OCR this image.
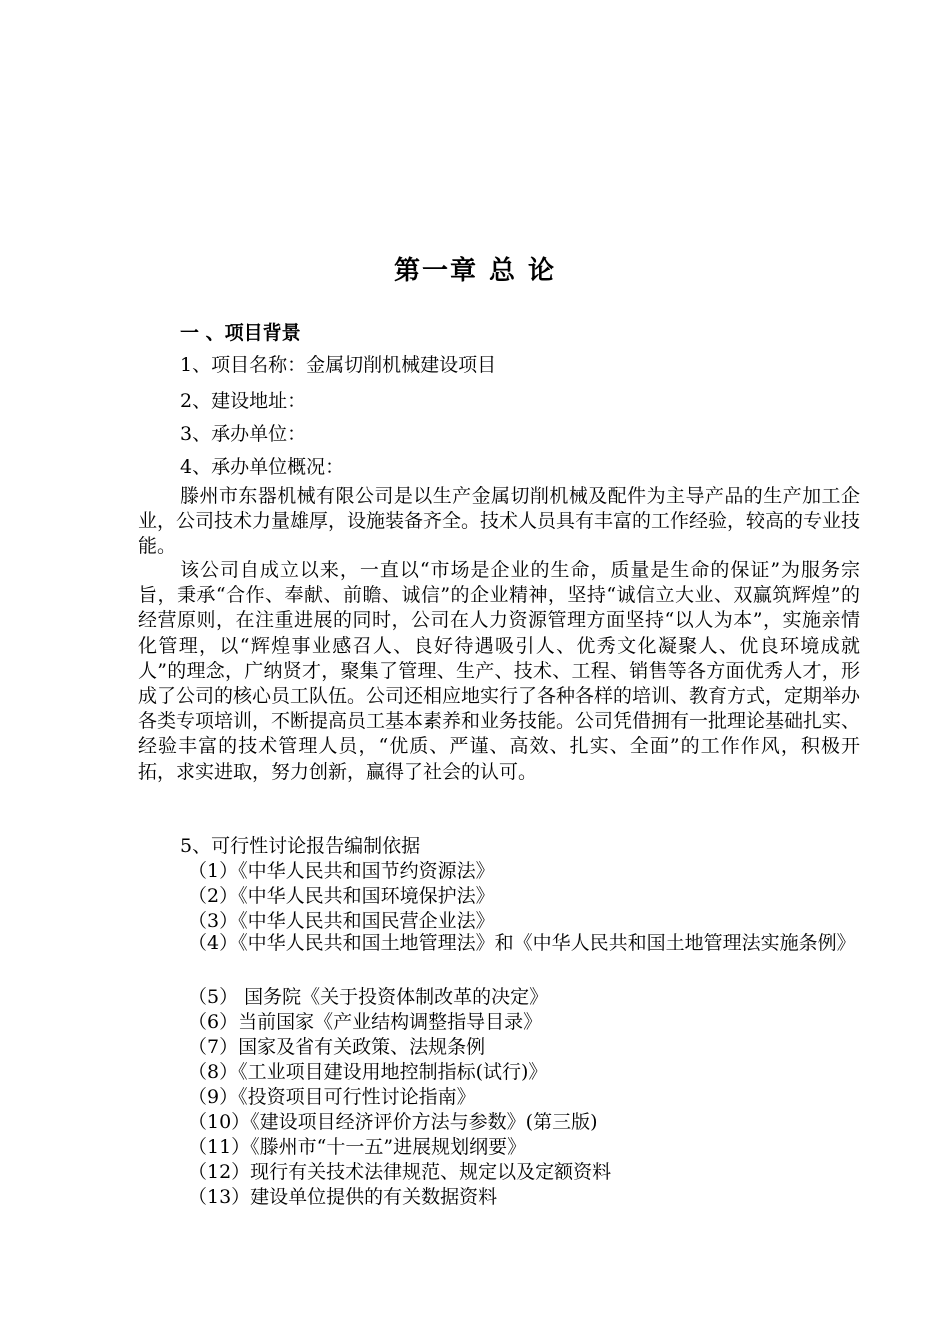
第一章 总 论
一 、项目背景
1、项目名称：金属切削机械建设项目
2、建设地址：
3、承办单位：
4、承办单位概况：
滕州市东器机械有限公司是以生产金属切削机械及配件为主导产品的生产加工企业，公司技术力量雄厚，设施装备齐全。技术人员具有丰富的工作经验，较高的专业技能。
该公司自成立以来，一直以“市场是企业的生命，质量是生命的保证”为服务宗旨，秉承“合作、奉献、前瞻、诚信”的企业精神，坚持“诚信立大业、双赢筑辉煌”的经营原则，在注重进展的同时，公司在人力资源管理方面坚持“以人为本”，实施亲情化管理，以“辉煌事业感召人、良好待遇吸引人、优秀文化凝聚人、优良环境成就人”的理念，广纳贤才，聚集了管理、生产、技术、工程、销售等各方面优秀人才，形成了公司的核心员工队伍。公司还相应地实行了各种各样的培训、教育方式，定期举办各类专项培训，不断提高员工基本素养和业务技能。公司凭借拥有一批理论基础扎实、经验丰富的技术管理人员，“优质、严谨、高效、扎实、全面”的工作作风，积极开拓，求实进取，努力创新，赢得了社会的认可。
5、可行性讨论报告编制依据
（1）《中华人民共和国节约资源法》
（2）《中华人民共和国环境保护法》
（3）《中华人民共和国民营企业法》
（4）《中华人民共和国土地管理法》和《中华人民共和国土地管理法实施条例》
（5） 国务院《关于投资体制改革的决定》
（6）当前国家《产业结构调整指导目录》
（7）国家及省有关政策、法规条例
（8）《工业项目建设用地控制指标(试行)》
（9）《投资项目可行性讨论指南》
（10）《建设项目经济评价方法与参数》(第三版)
（11）《滕州市“十一五”进展规划纲要》
（12）现行有关技术法律规范、规定以及定额资料
（13）建设单位提供的有关数据资料
